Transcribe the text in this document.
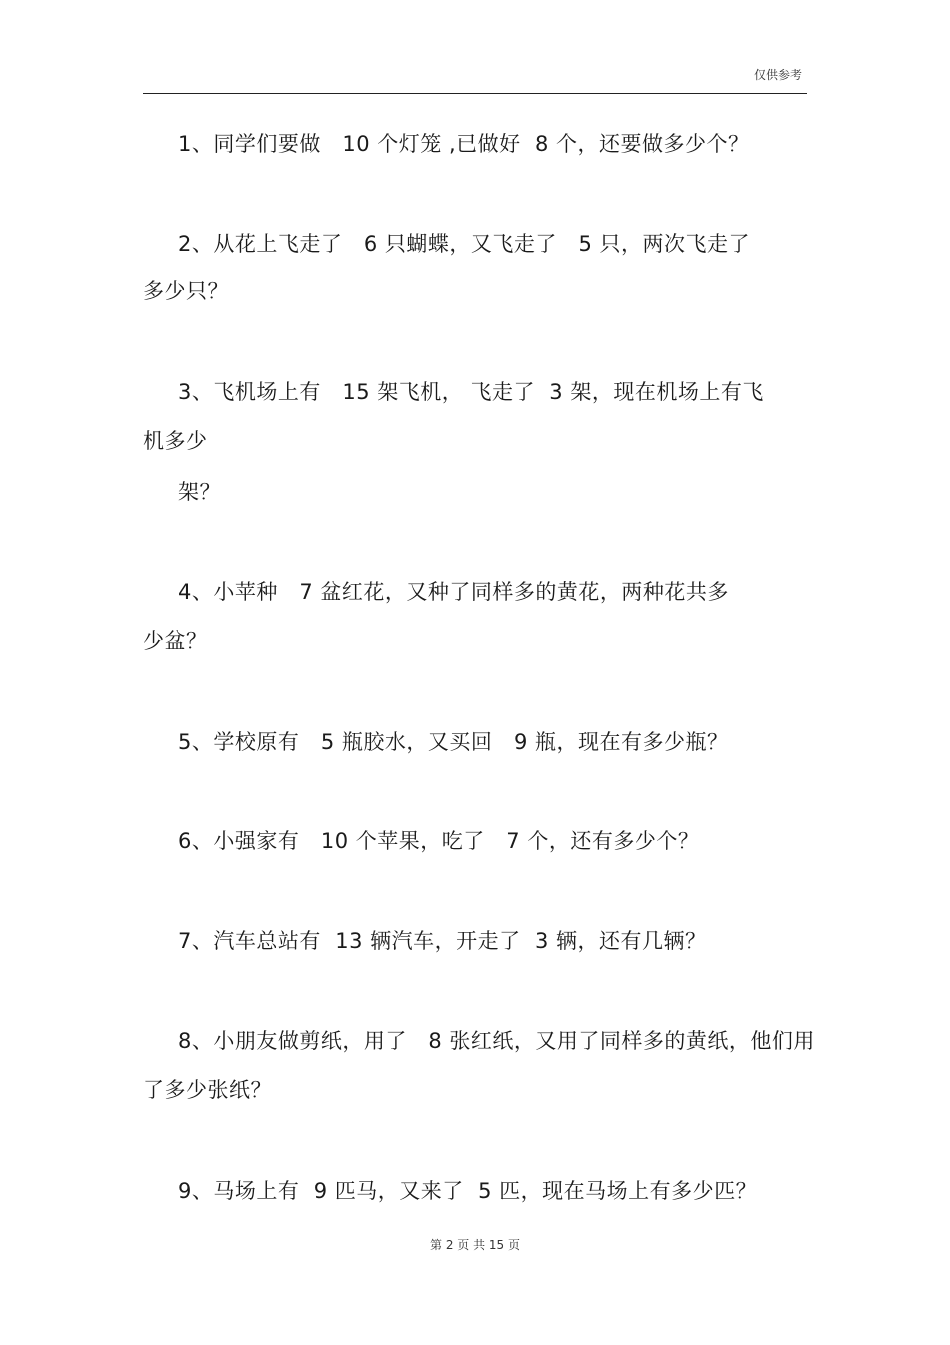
仅供参考
1、同学们要做   10 个灯笼 ,已做好  8 个，还要做多少个？
2、从花上飞走了   6 只蝴蝶，又飞走了   5 只，两次飞走了
多少只？
3、飞机场上有   15 架飞机， 飞走了  3 架，现在机场上有飞
机多少
架？
4、小苹种   7 盆红花，又种了同样多的黄花，两种花共多
少盆？
5、学校原有   5 瓶胶水，又买回   9 瓶，现在有多少瓶？
6、小强家有   10 个苹果，吃了   7 个，还有多少个？
7、汽车总站有  13 辆汽车，开走了  3 辆，还有几辆？
8、小朋友做剪纸，用了   8 张红纸，又用了同样多的黄纸，他们用
了多少张纸？
9、马场上有  9 匹马，又来了  5 匹，现在马场上有多少匹？
第 2 页 共 15 页
